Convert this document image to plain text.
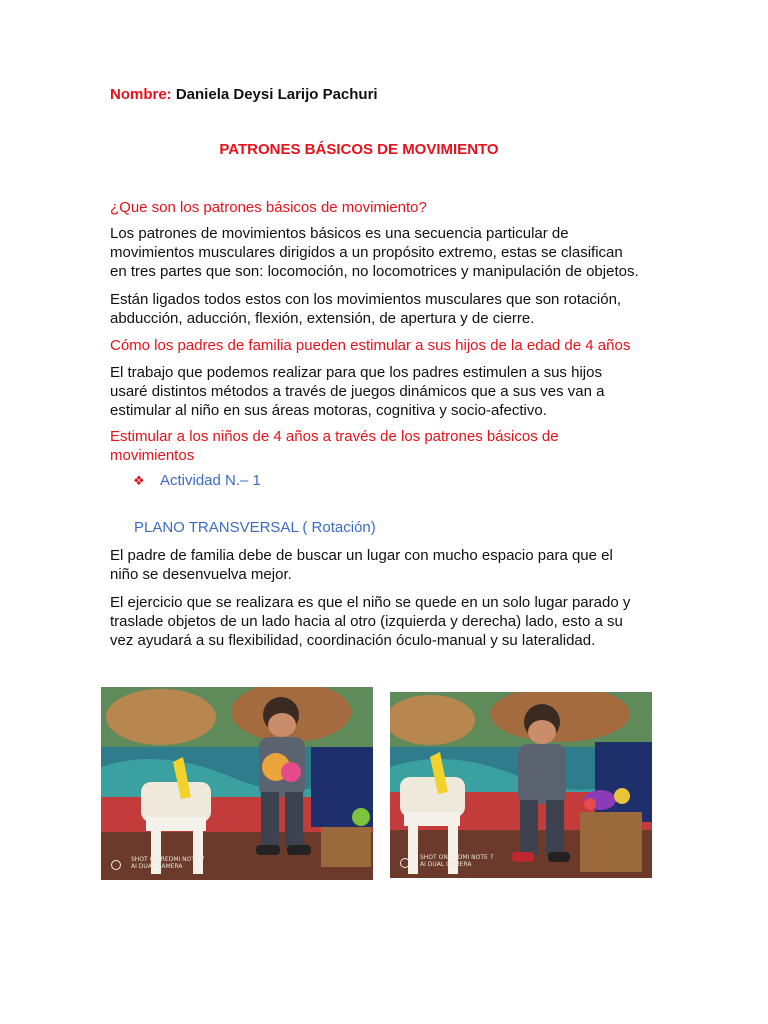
Nombre: Daniela Deysi Larijo Pachuri
PATRONES BÁSICOS DE MOVIMIENTO
¿Que son los patrones básicos de movimiento?
Los patrones de movimientos básicos es una secuencia particular de
movimientos musculares dirigidos a un propósito extremo, estas se clasifican
en tres partes que son: locomoción, no locomotrices y manipulación de objetos.
Están ligados todos estos con los movimientos musculares que son rotación,
abducción, aducción, flexión, extensión, de apertura y de cierre.
Cómo los padres de familia pueden estimular a sus hijos de la edad de 4 años
El trabajo que podemos realizar para que los padres estimulen a sus hijos
usaré distintos métodos a través de juegos dinámicos que a sus ves van a
estimular al niño en sus áreas motoras, cognitiva y socio-afectivo.
Estimular a los niños de 4 años a través de los patrones básicos de
movimientos
❖	Actividad N.– 1
PLANO TRANSVERSAL ( Rotación)
El padre de familia debe de buscar un lugar con mucho espacio para que el
niño se desenvuelva mejor.
El ejercicio que se realizara es que el niño se quede en un solo lugar parado y
traslade objetos de un lado hacia al otro (izquierda y derecha) lado, esto a su
vez ayudará a su flexibilidad, coordinación óculo-manual y su lateralidad.
SHOT ON REDMI NOTE 7
AI DUAL CAMERA
SHOT ON REDMI NOTE 7
AI DUAL CAMERA
